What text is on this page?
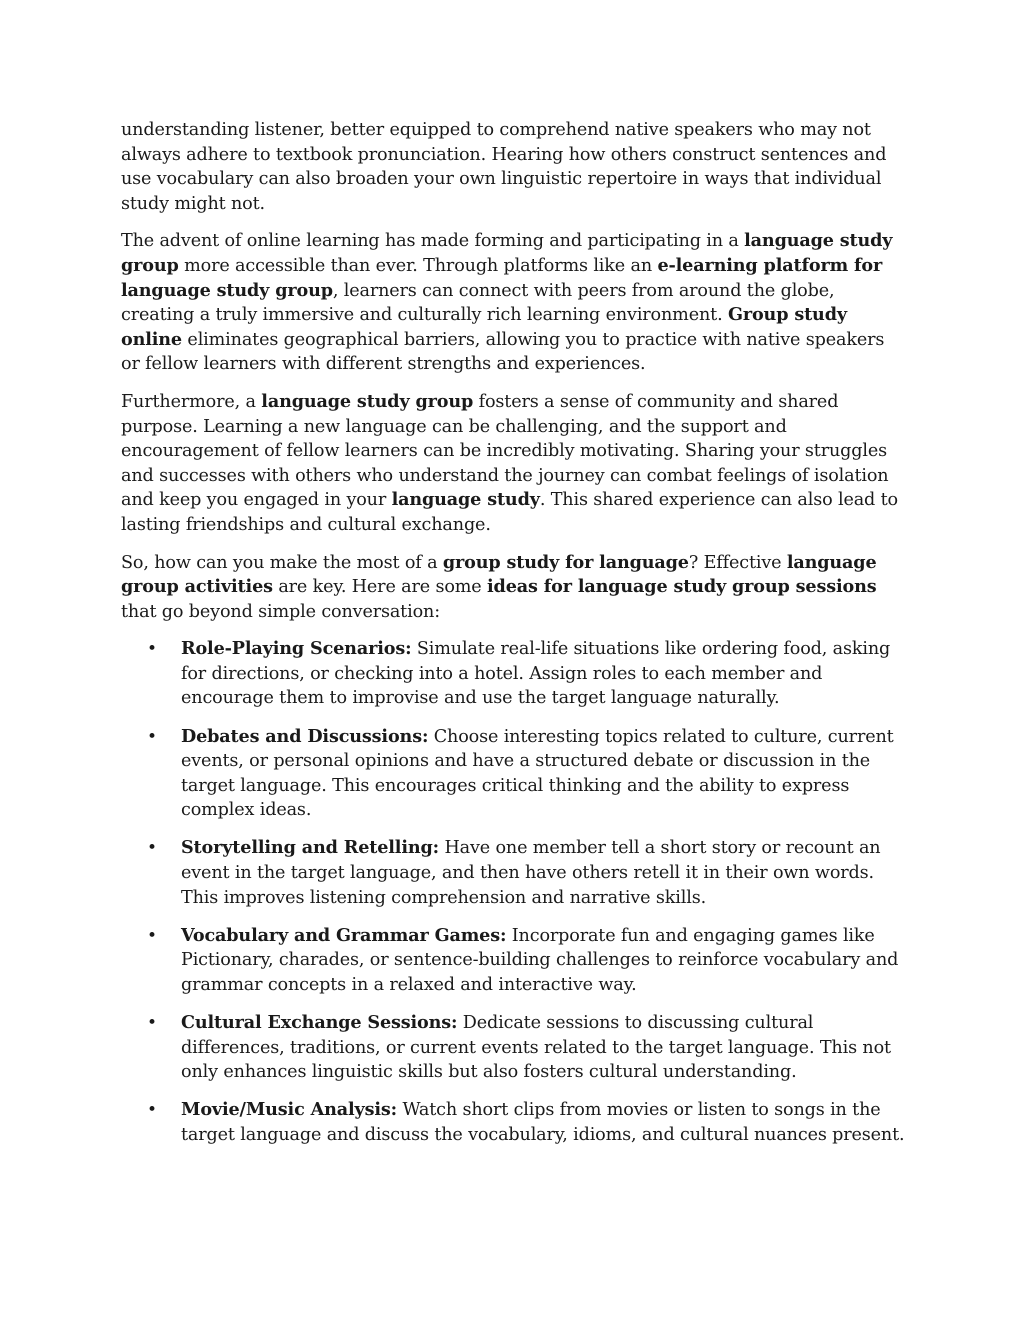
understanding listener, better equipped to comprehend native speakers who may not always adhere to textbook pronunciation. Hearing how others construct sentences and use vocabulary can also broaden your own linguistic repertoire in ways that individual study might not.

The advent of online learning has made forming and participating in a language study group more accessible than ever. Through platforms like an e-learning platform for language study group, learners can connect with peers from around the globe, creating a truly immersive and culturally rich learning environment. Group study online eliminates geographical barriers, allowing you to practice with native speakers or fellow learners with different strengths and experiences.

Furthermore, a language study group fosters a sense of community and shared purpose. Learning a new language can be challenging, and the support and encouragement of fellow learners can be incredibly motivating. Sharing your struggles and successes with others who understand the journey can combat feelings of isolation and keep you engaged in your language study. This shared experience can also lead to lasting friendships and cultural exchange.

So, how can you make the most of a group study for language? Effective language group activities are key. Here are some ideas for language study group sessions that go beyond simple conversation:

• Role-Playing Scenarios: Simulate real-life situations like ordering food, asking for directions, or checking into a hotel. Assign roles to each member and encourage them to improvise and use the target language naturally.
• Debates and Discussions: Choose interesting topics related to culture, current events, or personal opinions and have a structured debate or discussion in the target language. This encourages critical thinking and the ability to express complex ideas.
• Storytelling and Retelling: Have one member tell a short story or recount an event in the target language, and then have others retell it in their own words. This improves listening comprehension and narrative skills.
• Vocabulary and Grammar Games: Incorporate fun and engaging games like Pictionary, charades, or sentence-building challenges to reinforce vocabulary and grammar concepts in a relaxed and interactive way.
• Cultural Exchange Sessions: Dedicate sessions to discussing cultural differences, traditions, or current events related to the target language. This not only enhances linguistic skills but also fosters cultural understanding.
• Movie/Music Analysis: Watch short clips from movies or listen to songs in the target language and discuss the vocabulary, idioms, and cultural nuances present.
